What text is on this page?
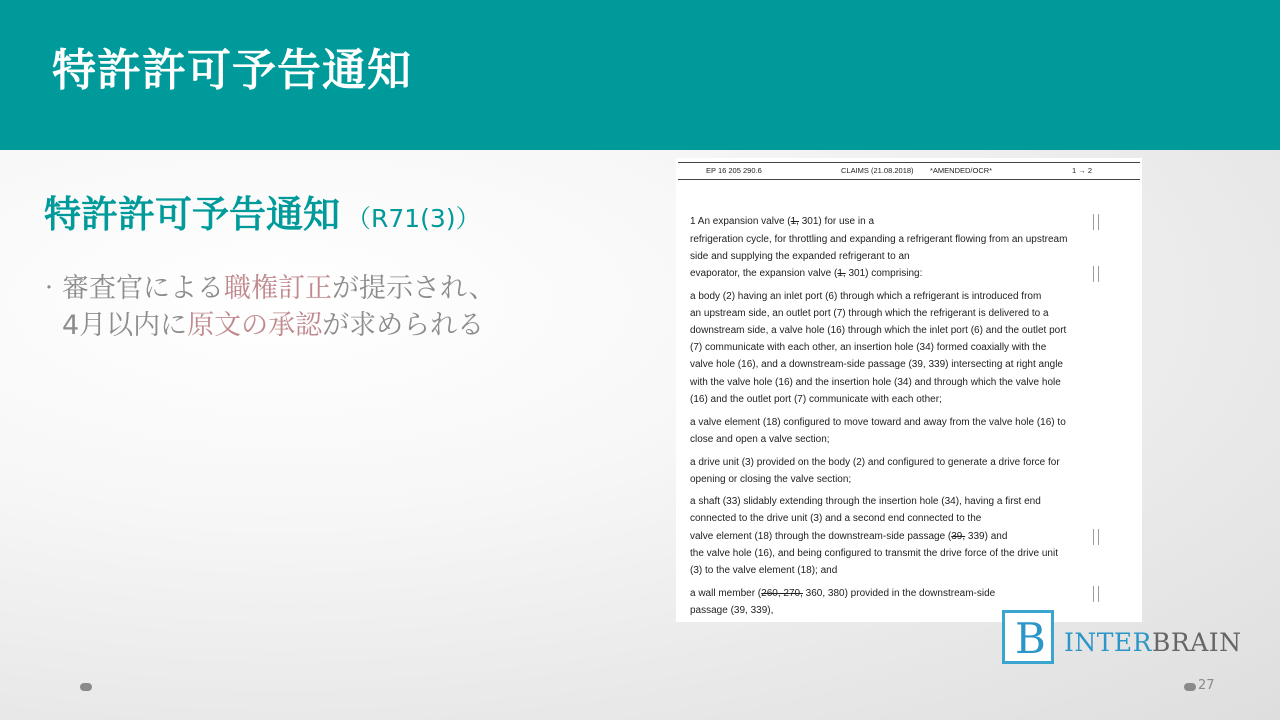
特許許可予告通知
特許許可予告通知 （R71(3)）
・ 審査官による職権訂正が提示され、
4月以内に原文の承認が求められる
EP 16 205 290.6	CLAIMS (21.08.2018) *AMENDED/OCR*	1 → 2
1 An expansion valve (1, 301) for use in a
refrigeration cycle, for throttling and expanding a refrigerant flowing from an upstream
side and supplying the expanded refrigerant to an
evaporator, the expansion valve (1, 301) comprising:
a body (2) having an inlet port (6) through which a refrigerant is introduced from
an upstream side, an outlet port (7) through which the refrigerant is delivered to a
downstream side, a valve hole (16) through which the inlet port (6) and the outlet port
(7) communicate with each other, an insertion hole (34) formed coaxially with the
valve hole (16), and a downstream-side passage (39, 339) intersecting at right angle
with the valve hole (16) and the insertion hole (34) and through which the valve hole
(16) and the outlet port (7) communicate with each other;
a valve element (18) configured to move toward and away from the valve hole (16) to
close and open a valve section;
a drive unit (3) provided on the body (2) and configured to generate a drive force for
opening or closing the valve section;
a shaft (33) slidably extending through the insertion hole (34), having a first end
connected to the drive unit (3) and a second end connected to the
valve element (18) through the downstream-side passage (39, 339) and
the valve hole (16), and being configured to transmit the drive force of the drive unit
(3) to the valve element (18); and
a wall member (260, 270, 360, 380) provided in the downstream-side
passage (39, 339),
B INTERBRAIN
27
